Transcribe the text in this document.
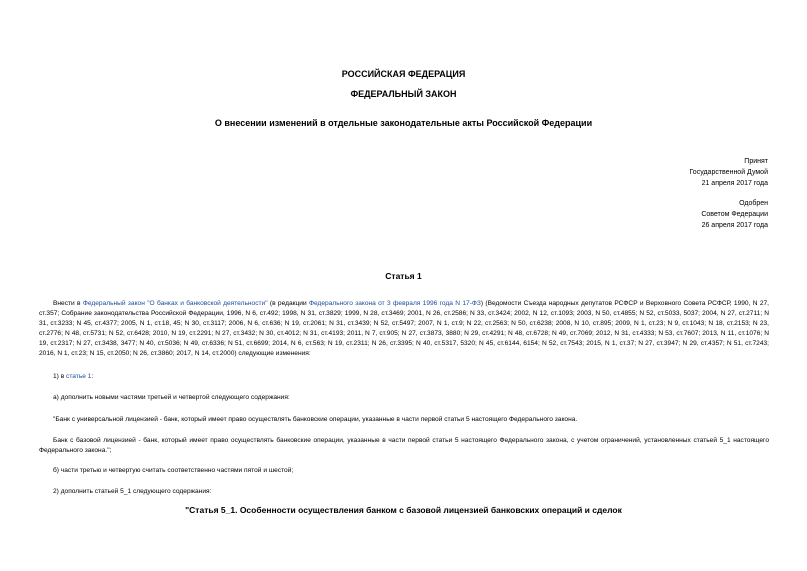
РОССИЙСКАЯ ФЕДЕРАЦИЯ
ФЕДЕРАЛЬНЫЙ ЗАКОН
О внесении изменений в отдельные законодательные акты Российской Федерации
Принят
Государственной Думой
21 апреля 2017 года
Одобрен
Советом Федерации
26 апреля 2017 года
Статья 1
Внести в Федеральный закон "О банках и банковской деятельности" (в редакции Федерального закона от 3 февраля 1996 года N 17-ФЗ) (Ведомости Съезда народных депутатов РСФСР и Верховного Совета РСФСР, 1990, N 27, ст.357; Собрание законодательства Российской Федерации, 1996, N 6, ст.492; 1998, N 31, ст.3829; 1999, N 28, ст.3469; 2001, N 26, ст.2586; N 33, ст.3424; 2002, N 12, ст.1093; 2003, N 50, ст.4855; N 52, ст.5033, 5037; 2004, N 27, ст.2711; N 31, ст.3233; N 45, ст.4377; 2005, N 1, ст.18, 45; N 30, ст.3117; 2006, N 6, ст.636; N 19, ст.2061; N 31, ст.3439; N 52, ст.5497; 2007, N 1, ст.9; N 22, ст.2563; N 50, ст.6238; 2008, N 10, ст.895; 2009, N 1, ст.23; N 9, ст.1043; N 18, ст.2153; N 23, ст.2776; N 48, ст.5731; N 52, ст.6428; 2010, N 19, ст.2291; N 27, ст.3432; N 30, ст.4012; N 31, ст.4193; 2011, N 7, ст.905; N 27, ст.3873, 3880; N 29, ст.4291; N 48, ст.6728; N 49, ст.7069; 2012, N 31, ст.4333; N 53, ст.7607; 2013, N 11, ст.1076; N 19, ст.2317; N 27, ст.3438, 3477; N 40, ст.5036; N 49, ст.6336; N 51, ст.6699; 2014, N 6, ст.563; N 19, ст.2311; N 26, ст.3395; N 40, ст.5317, 5320; N 45, ст.6144, 6154; N 52, ст.7543; 2015, N 1, ст.37; N 27, ст.3947; N 29, ст.4357; N 51, ст.7243; 2016, N 1, ст.23; N 15, ст.2050; N 26, ст.3860; 2017, N 14, ст.2000) следующие изменения:
1) в статье 1:
а) дополнить новыми частями третьей и четвертой следующего содержания:
"Банк с универсальной лицензией - банк, который имеет право осуществлять банковские операции, указанные в части первой статьи 5 настоящего Федерального закона.
Банк с базовой лицензией - банк, который имеет право осуществлять банковские операции, указанные в части первой статьи 5 настоящего Федерального закона, с учетом ограничений, установленных статьей 5_1 настоящего Федерального закона.";
б) части третью и четвертую считать соответственно частями пятой и шестой;
2) дополнить статьей 5_1 следующего содержания:
"Статья 5_1. Особенности осуществления банком с базовой лицензией банковских операций и сделок
